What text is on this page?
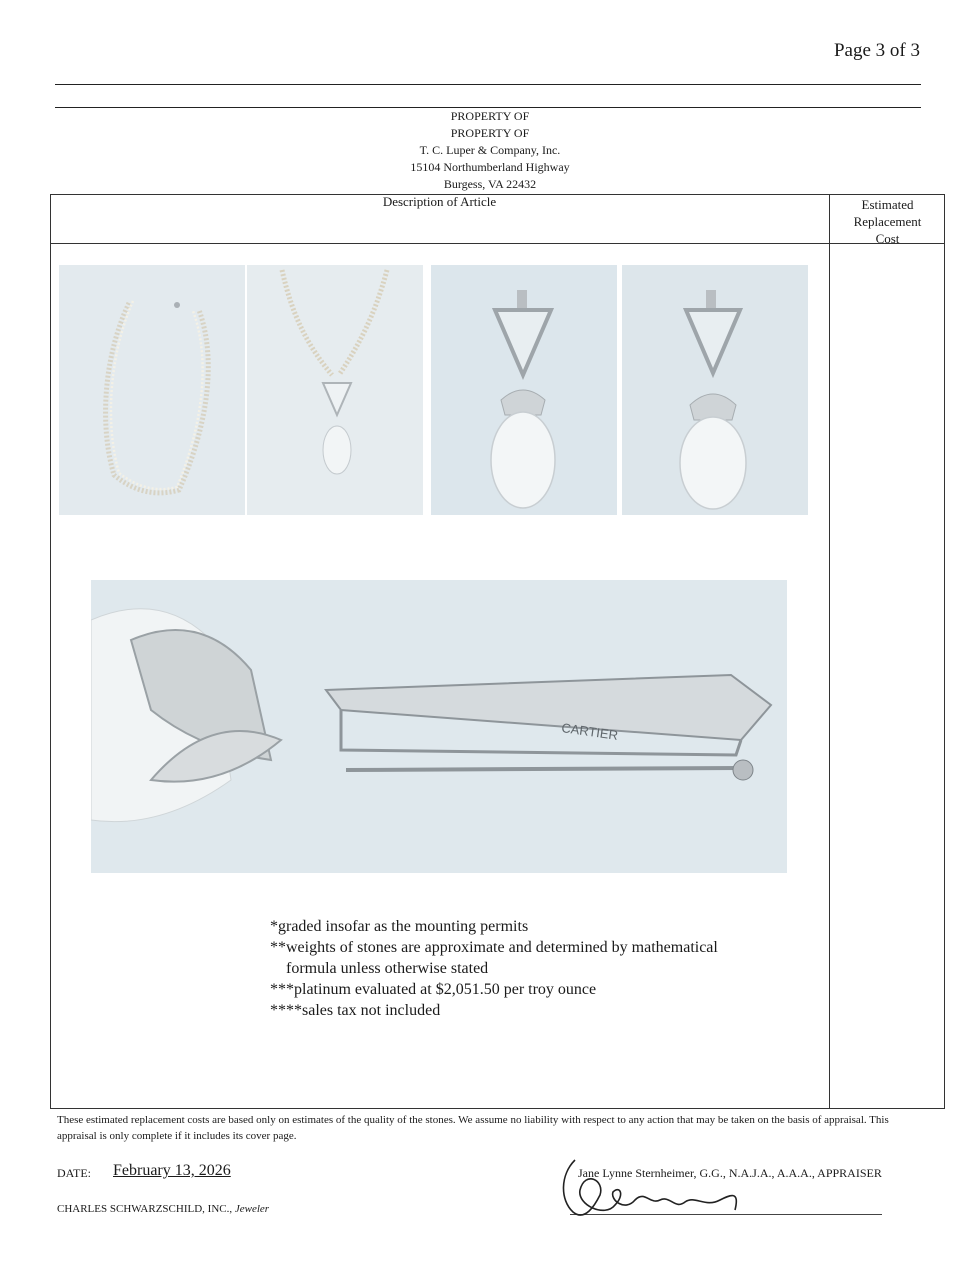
Page 3 of 3
PROPERTY OF
PROPERTY OF
T. C. Luper & Company, Inc.
15104 Northumberland Highway
Burgess, VA 22432
Description of Article	Estimated
Replacement
Cost
CARTIER
*graded insofar as the mounting permits
**weights of stones are approximate and determined by mathematical
formula unless otherwise stated
***platinum evaluated at $2,051.50 per troy ounce
****sales tax not included
These estimated replacement costs are based only on estimates of the quality of the stones. We assume no liability with respect to any action that may be taken on the basis of appraisal. This appraisal is only complete if it includes its cover page.
DATE: February 13, 2026
CHARLES SCHWARZSCHILD, INC., Jeweler
Jane Lynne Sternheimer, G.G., N.A.J.A., A.A.A., APPRAISER
